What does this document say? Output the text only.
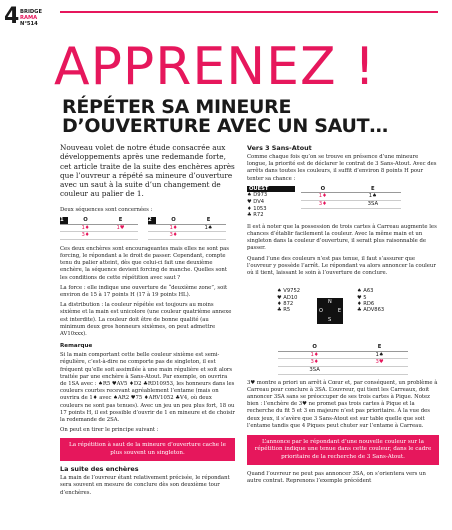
4 BRIDGE
RAMA
N°514
APPRENEZ !
RÉPÉTER SA MINEURE
D’OUVERTURE AVEC UN SAUT…
Nouveau volet de notre étude consacrée aux développements après une redemande forte, cet article traite de la suite des enchères après que l’ouvreur a répété sa mineure d’ouverture avec un saut à la suite d’un changement de couleur au palier de 1.

Deux séquences sont concernées :

1	O	E
	1♦	1♥
	3♦	
2	O	E
	1♦	1♠
	3♦	

Ces deux enchères sont encourageantes mais elles ne sont pas forcing, le répondant a le droit de passer. Cependant, compte tenu du palier atteint, dès que celui-ci fait une deuxième enchère, la séquence devient forcing de manche. Quelles sont les conditions de cette répétition avec saut ?

La force : elle indique une ouverture de “deuxième zone”, soit environ de 15 à 17 points H (17 à 19 points HL).

La distribution : la couleur répétée est toujours au moins sixième et la main est unicolore (une couleur quatrième annexe est interdite). La couleur doit être de bonne qualité (au minimum deux gros honneurs sixièmes, on peut admettre AV10xxx).

Remarque

Si la main comportant cette belle couleur sixième est semi-régulière, c’est-à-dire ne comporte pas de singleton, il est fréquent qu’elle soit assimilée à une main régulière et soit alors traitée par une enchère à Sans-Atout. Par exemple, on ouvrira de 1SA avec : ♠R5 ♥AV5 ♦D2 ♣RD10953, les honneurs dans les couleurs courtes recevant agréablement l’entame (mais on ouvrira de 1♦ avec ♠AR2 ♥75 ♦ARV1052 ♣V4, où deux couleurs ne sont pas tenues). Avec un jeu un peu plus fort, 18 ou 17 points H, il est possible d’ouvrir de 1 en mineure et de choisir la redemande de 2SA.

On peut en tirer le principe suivant :

La répétition à saut de la mineure d’ouverture cache le plus souvent un singleton.
La suite des enchères

La main de l’ouvreur étant relativement précisée, le répondant sera souvent en mesure de conclure dès son deuxième tour d’enchères.

Vers 3 Sans-Atout

Comme chaque fois qu’on se trouve en présence d’une mineure longue, la priorité est de déclarer le contrat de 3 Sans-Atout. Avec des arrêts dans toutes les couleurs, il suffit d’environ 8 points H pour tenter sa chance :

OUEST
♠ D973
♥ DV4
♦ 1053
♣ R72
O	E
1♦	1♠
3♦	3SA

Il est à noter que la possession de trois cartes à Carreau augmente les chances d’établir facilement la couleur. Avec la même main et un singleton dans la couleur d’ouverture, il serait plus raisonnable de passer.

Quand l’une des couleurs n’est pas tenue, il faut s’assurer que l’ouvreur y possède l’arrêt. Le répondant va alors annoncer la couleur où il tient, laissant le soin à l’ouverture de conclure.

♠ V9752
♥ AD10
♦ 872
♣ R5
N
O	E
S
♠ A63
♥ 5
♦ RD6
♣ ADV863
O	E
1♦	1♠
3♦	3♥
3SA	

3♥ montre a priori un arrêt à Cœur et, par conséquent, un problème à Carreau pour conclure à 3SA. L’ouvreur, qui tient les Carreaux, doit annoncer 3SA sans se préoccuper de ses trois cartes à Pique. Notez bien : l’enchère de 3♥ ne promet pas trois cartes à Pique et la recherche du fit 5 et 3 en majeure n’est pas prioritaire. À la vue des deux jeux, il s’avère que 3 Sans-Atout est sur table quelle que soit l’entame tandis que 4 Piques peut chuter sur l’entame à Carreau.

L’annonce par le répondant d’une nouvelle couleur sur la répétition indique une tenue dans cette couleur, dans le cadre prioritaire de la recherche de 3 Sans-Atout.

Quand l’ouvreur ne peut pas annoncer 3SA, on s’orientera vers un autre contrat. Reprenons l’exemple précédent
